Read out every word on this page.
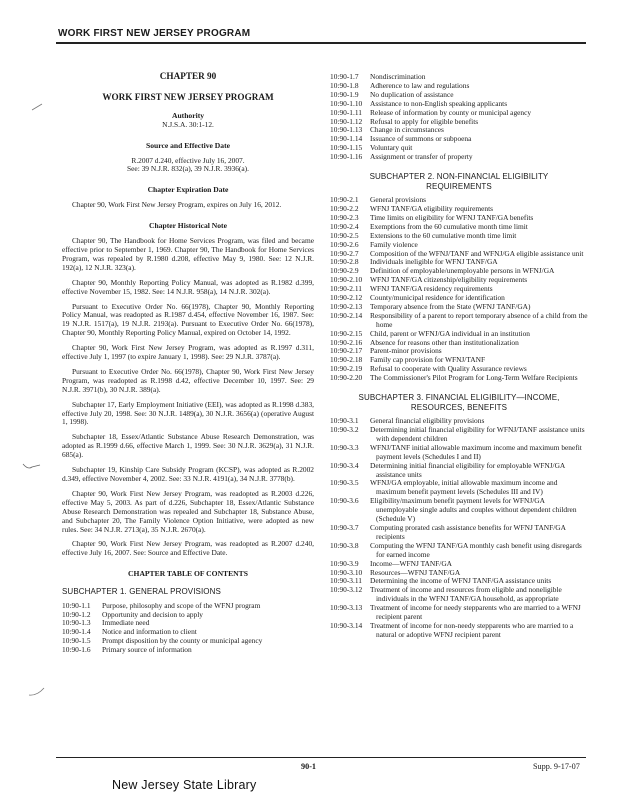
WORK FIRST NEW JERSEY PROGRAM
CHAPTER 90
WORK FIRST NEW JERSEY PROGRAM
Authority
N.J.S.A. 30:1-12.
Source and Effective Date
R.2007 d.240, effective July 16, 2007.
See: 39 N.J.R. 832(a), 39 N.J.R. 3936(a).
Chapter Expiration Date

Chapter 90, Work First New Jersey Program, expires on July 16, 2012.

Chapter Historical Note

Chapter 90, The Handbook for Home Services Program, was filed and became effective prior to September 1, 1969. Chapter 90, The Handbook for Home Services Program, was repealed by R.1980 d.208, effective May 9, 1980. See: 12 N.J.R. 192(a), 12 N.J.R. 323(a).

Chapter 90, Monthly Reporting Policy Manual, was adopted as R.1982 d.399, effective November 15, 1982. See: 14 N.J.R. 958(a), 14 N.J.R. 302(a).

Pursuant to Executive Order No. 66(1978), Chapter 90, Monthly Reporting Policy Manual, was readopted as R.1987 d.454, effective November 16, 1987. See: 19 N.J.R. 1517(a), 19 N.J.R. 2193(a). Pursuant to Executive Order No. 66(1978), Chapter 90, Monthly Reporting Policy Manual, expired on October 14, 1992.

Chapter 90, Work First New Jersey Program, was adopted as R.1997 d.311, effective July 1, 1997 (to expire January 1, 1998). See: 29 N.J.R. 3787(a).

Pursuant to Executive Order No. 66(1978), Chapter 90, Work First New Jersey Program, was readopted as R.1998 d.42, effective December 10, 1997. See: 29 N.J.R. 3971(b), 30 N.J.R. 389(a).

Subchapter 17, Early Employment Initiative (EEI), was adopted as R.1998 d.383, effective July 20, 1998. See: 30 N.J.R. 1489(a), 30 N.J.R. 3656(a) (operative August 1, 1998).

Subchapter 18, Essex/Atlantic Substance Abuse Research Demonstration, was adopted as R.1999 d.66, effective March 1, 1999. See: 30 N.J.R. 3629(a), 31 N.J.R. 685(a).

Subchapter 19, Kinship Care Subsidy Program (KCSP), was adopted as R.2002 d.349, effective November 4, 2002. See: 33 N.J.R. 4191(a), 34 N.J.R. 3778(b).

Chapter 90, Work First New Jersey Program, was readopted as R.2003 d.226, effective May 5, 2003. As part of d.226, Subchapter 18, Essex/Atlantic Substance Abuse Research Demonstration was repealed and Subchapter 18, Substance Abuse, and Subchapter 20, The Family Violence Option Initiative, were adopted as new rules. See: 34 N.J.R. 2713(a), 35 N.J.R. 2670(a).

Chapter 90, Work First New Jersey Program, was readopted as R.2007 d.240, effective July 16, 2007. See: Source and Effective Date.

CHAPTER TABLE OF CONTENTS
SUBCHAPTER 1. GENERAL PROVISIONS
10:90-1.1	Purpose, philosophy and scope of the WFNJ program
10:90-1.2	Opportunity and decision to apply
10:90-1.3	Immediate need
10:90-1.4	Notice and information to client
10:90-1.5	Prompt disposition by the county or municipal agency
10:90-1.6	Primary source of information
10:90-1.7	Nondiscrimination
10:90-1.8	Adherence to law and regulations
10:90-1.9	No duplication of assistance
10:90-1.10	Assistance to non-English speaking applicants
10:90-1.11	Release of information by county or municipal agency
10:90-1.12	Refusal to apply for eligible benefits
10:90-1.13	Change in circumstances
10:90-1.14	Issuance of summons or subpoena
10:90-1.15	Voluntary quit
10:90-1.16	Assignment or transfer of property
SUBCHAPTER 2. NON-FINANCIAL ELIGIBILITY
REQUIREMENTS
10:90-2.1	General provisions
10:90-2.2	WFNJ TANF/GA eligibility requirements
10:90-2.3	Time limits on eligibility for WFNJ TANF/GA benefits
10:90-2.4	Exemptions from the 60 cumulative month time limit
10:90-2.5	Extensions to the 60 cumulative month time limit
10:90-2.6	Family violence
10:90-2.7	Composition of the WFNJ/TANF and WFNJ/GA eligible assistance unit
10:90-2.8	Individuals ineligible for WFNJ TANF/GA
10:90-2.9	Definition of employable/unemployable persons in WFNJ/GA
10:90-2.10	WFNJ TANF/GA citizenship/eligibility requirements
10:90-2.11	WFNJ TANF/GA residency requirements
10:90-2.12	County/municipal residence for identification
10:90-2.13	Temporary absence from the State (WFNJ TANF/GA)
10:90-2.14	Responsibility of a parent to report temporary absence of a child from the home
10:90-2.15	Child, parent or WFNJ/GA individual in an institution
10:90-2.16	Absence for reasons other than institutionalization
10:90-2.17	Parent-minor provisions
10:90-2.18	Family cap provision for WFNJ/TANF
10:90-2.19	Refusal to cooperate with Quality Assurance reviews
10:90-2.20	The Commissioner's Pilot Program for Long-Term Welfare Recipients
SUBCHAPTER 3. FINANCIAL ELIGIBILITY—INCOME,
RESOURCES, BENEFITS
10:90-3.1	General financial eligibility provisions
10:90-3.2	Determining initial financial eligibility for WFNJ/TANF assistance units with dependent children
10:90-3.3	WFNJ/TANF initial allowable maximum income and maximum benefit payment levels (Schedules I and II)
10:90-3.4	Determining initial financial eligibility for employable WFNJ/GA assistance units
10:90-3.5	WFNJ/GA employable, initial allowable maximum income and maximum benefit payment levels (Schedules III and IV)
10:90-3.6	Eligibility/maximum benefit payment levels for WFNJ/GA unemployable single adults and couples without dependent children (Schedule V)
10:90-3.7	Computing prorated cash assistance benefits for WFNJ TANF/GA recipients
10:90-3.8	Computing the WFNJ TANF/GA monthly cash benefit using disregards for earned income
10:90-3.9	Income—WFNJ TANF/GA
10:90-3.10	Resources—WFNJ TANF/GA
10:90-3.11	Determining the income of WFNJ TANF/GA assistance units
10:90-3.12	Treatment of income and resources from eligible and noneligible individuals in the WFNJ TANF/GA household, as appropriate
10:90-3.13	Treatment of income for needy stepparents who are married to a WFNJ recipient parent
10:90-3.14	Treatment of income for non-needy stepparents who are married to a natural or adoptive WFNJ recipient parent
90-1	Supp. 9-17-07
New Jersey State Library
